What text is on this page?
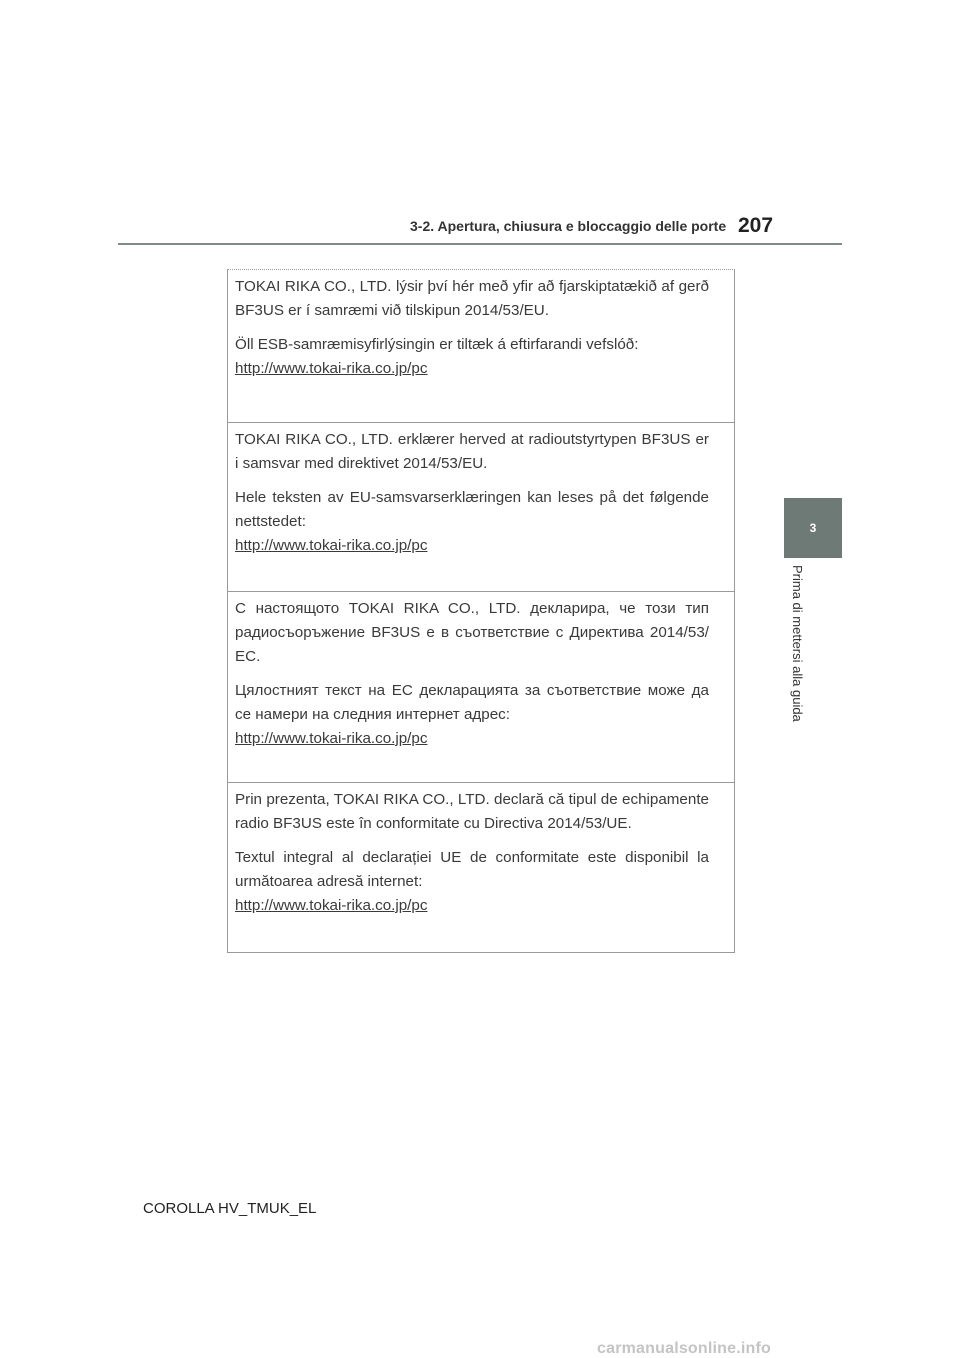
3-2. Apertura, chiusura e bloccaggio delle porte 207
3
Prima di mettersi alla guida

TOKAI RIKA CO., LTD. lýsir því hér með yfir að fjarskiptatækið af gerð BF3US er í samræmi við tilskipun 2014/53/EU.

Öll ESB-samræmisyfirlýsingin er tiltæk á eftirfarandi vefslóð:

http://www.tokai-rika.co.jp/pc

TOKAI RIKA CO., LTD. erklærer herved at radioutstyrtypen BF3US er i samsvar med direktivet 2014/53/EU.

Hele teksten av EU-samsvarserklæringen kan leses på det følgende nettstedet:

http://www.tokai-rika.co.jp/pc

С настоящото TOKAI RIKA CO., LTD. декларира, че този тип радиосъоръжение BF3US е в съответствие с Директива 2014/53/ЕС.

Цялостният текст на ЕС декларацията за съответствие може да се намери на следния интернет адрес:

http://www.tokai-rika.co.jp/pc

Prin prezenta, TOKAI RIKA CO., LTD. declară că tipul de echipamente radio BF3US este în conformitate cu Directiva 2014/53/UE.

Textul integral al declarației UE de conformitate este disponibil la următoarea adresă internet:

http://www.tokai-rika.co.jp/pc
COROLLA HV_TMUK_EL
carmanualsonline.info
